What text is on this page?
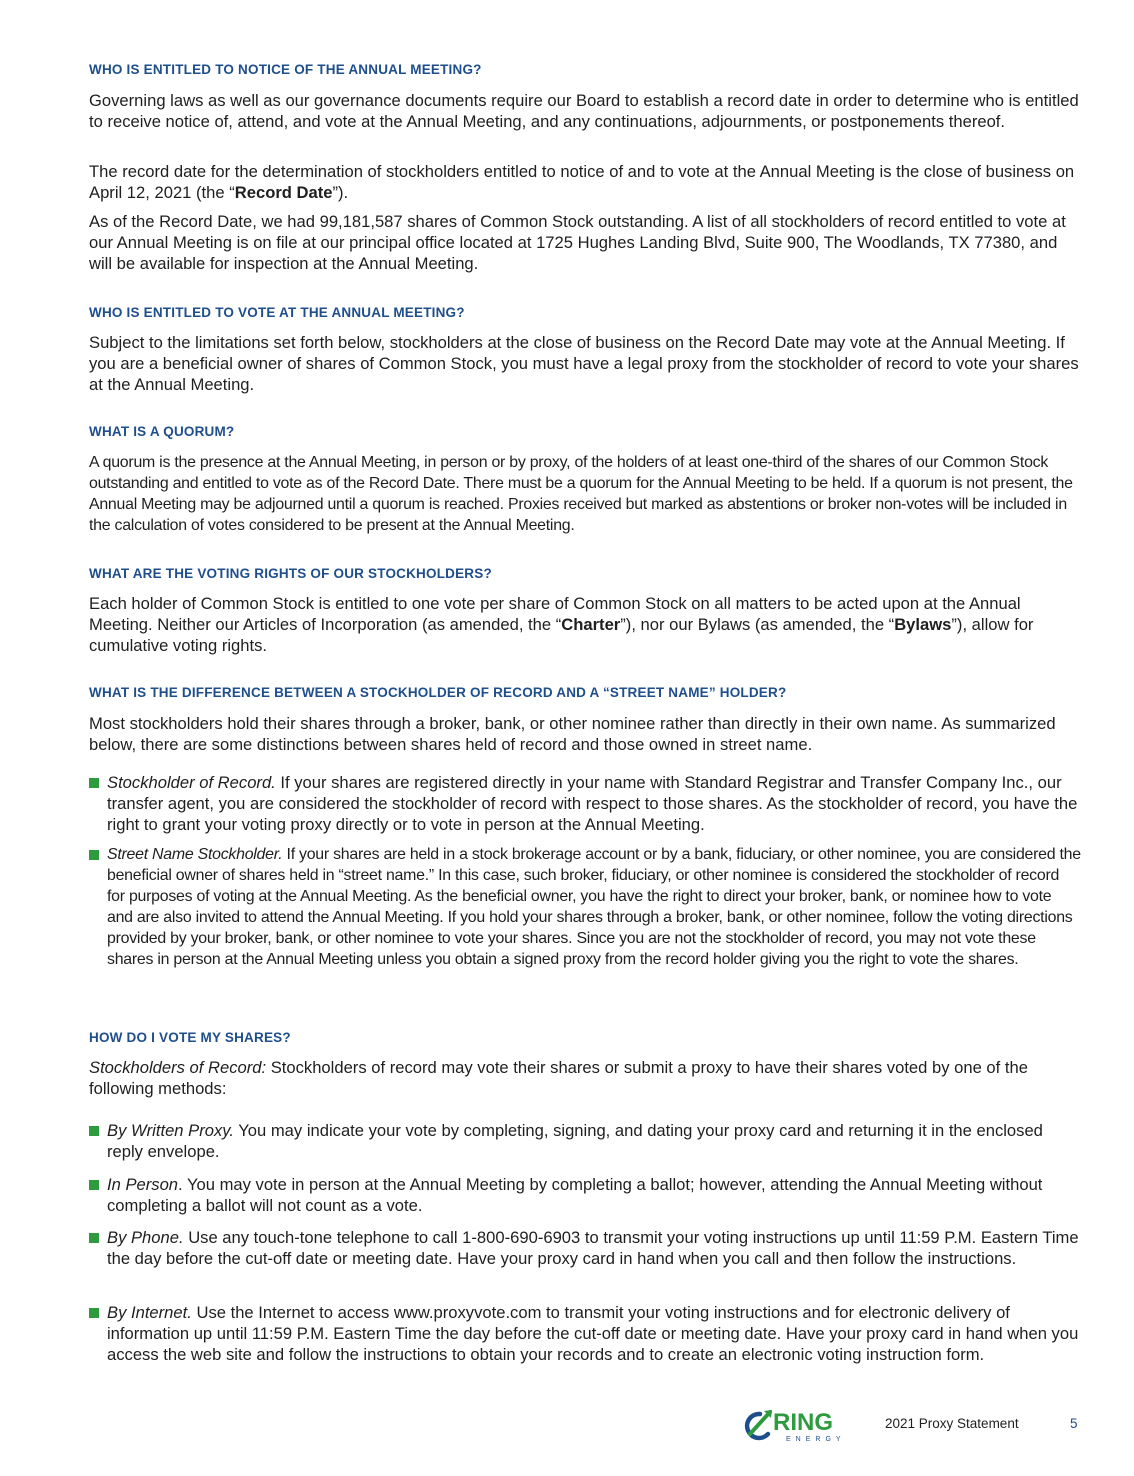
WHO IS ENTITLED TO NOTICE OF THE ANNUAL MEETING?

Governing laws as well as our governance documents require our Board to establish a record date in order to determine who is entitled to receive notice of, attend, and vote at the Annual Meeting, and any continuations, adjournments, or postponements thereof.

The record date for the determination of stockholders entitled to notice of and to vote at the Annual Meeting is the close of business on April 12, 2021 (the “Record Date”).

As of the Record Date, we had 99,181,587 shares of Common Stock outstanding. A list of all stockholders of record entitled to vote at our Annual Meeting is on file at our principal office located at 1725 Hughes Landing Blvd, Suite 900, The Woodlands, TX 77380, and will be available for inspection at the Annual Meeting.

WHO IS ENTITLED TO VOTE AT THE ANNUAL MEETING?

Subject to the limitations set forth below, stockholders at the close of business on the Record Date may vote at the Annual Meeting. If you are a beneficial owner of shares of Common Stock, you must have a legal proxy from the stockholder of record to vote your shares at the Annual Meeting.

WHAT IS A QUORUM?

A quorum is the presence at the Annual Meeting, in person or by proxy, of the holders of at least one-third of the shares of our Common Stock outstanding and entitled to vote as of the Record Date. There must be a quorum for the Annual Meeting to be held. If a quorum is not present, the Annual Meeting may be adjourned until a quorum is reached. Proxies received but marked as abstentions or broker non-votes will be included in the calculation of votes considered to be present at the Annual Meeting.

WHAT ARE THE VOTING RIGHTS OF OUR STOCKHOLDERS?

Each holder of Common Stock is entitled to one vote per share of Common Stock on all matters to be acted upon at the Annual Meeting. Neither our Articles of Incorporation (as amended, the “Charter”), nor our Bylaws (as amended, the “Bylaws”), allow for cumulative voting rights.

WHAT IS THE DIFFERENCE BETWEEN A STOCKHOLDER OF RECORD AND A “STREET NAME” HOLDER?

Most stockholders hold their shares through a broker, bank, or other nominee rather than directly in their own name. As summarized below, there are some distinctions between shares held of record and those owned in street name.

Stockholder of Record. If your shares are registered directly in your name with Standard Registrar and Transfer Company Inc., our transfer agent, you are considered the stockholder of record with respect to those shares. As the stockholder of record, you have the right to grant your voting proxy directly or to vote in person at the Annual Meeting.

Street Name Stockholder. If your shares are held in a stock brokerage account or by a bank, fiduciary, or other nominee, you are considered the beneficial owner of shares held in “street name.” In this case, such broker, fiduciary, or other nominee is considered the stockholder of record for purposes of voting at the Annual Meeting. As the beneficial owner, you have the right to direct your broker, bank, or nominee how to vote and are also invited to attend the Annual Meeting. If you hold your shares through a broker, bank, or other nominee, follow the voting directions provided by your broker, bank, or other nominee to vote your shares. Since you are not the stockholder of record, you may not vote these shares in person at the Annual Meeting unless you obtain a signed proxy from the record holder giving you the right to vote the shares.

HOW DO I VOTE MY SHARES?

Stockholders of Record: Stockholders of record may vote their shares or submit a proxy to have their shares voted by one of the following methods:

By Written Proxy. You may indicate your vote by completing, signing, and dating your proxy card and returning it in the enclosed reply envelope.

In Person. You may vote in person at the Annual Meeting by completing a ballot; however, attending the Annual Meeting without completing a ballot will not count as a vote.

By Phone. Use any touch-tone telephone to call 1-800-690-6903 to transmit your voting instructions up until 11:59 P.M. Eastern Time the day before the cut-off date or meeting date. Have your proxy card in hand when you call and then follow the instructions.

By Internet. Use the Internet to access www.proxyvote.com to transmit your voting instructions and for electronic delivery of information up until 11:59 P.M. Eastern Time the day before the cut-off date or meeting date. Have your proxy card in hand when you access the web site and follow the instructions to obtain your records and to create an electronic voting instruction form.

RING
ENERGY
2021 Proxy Statement	5
